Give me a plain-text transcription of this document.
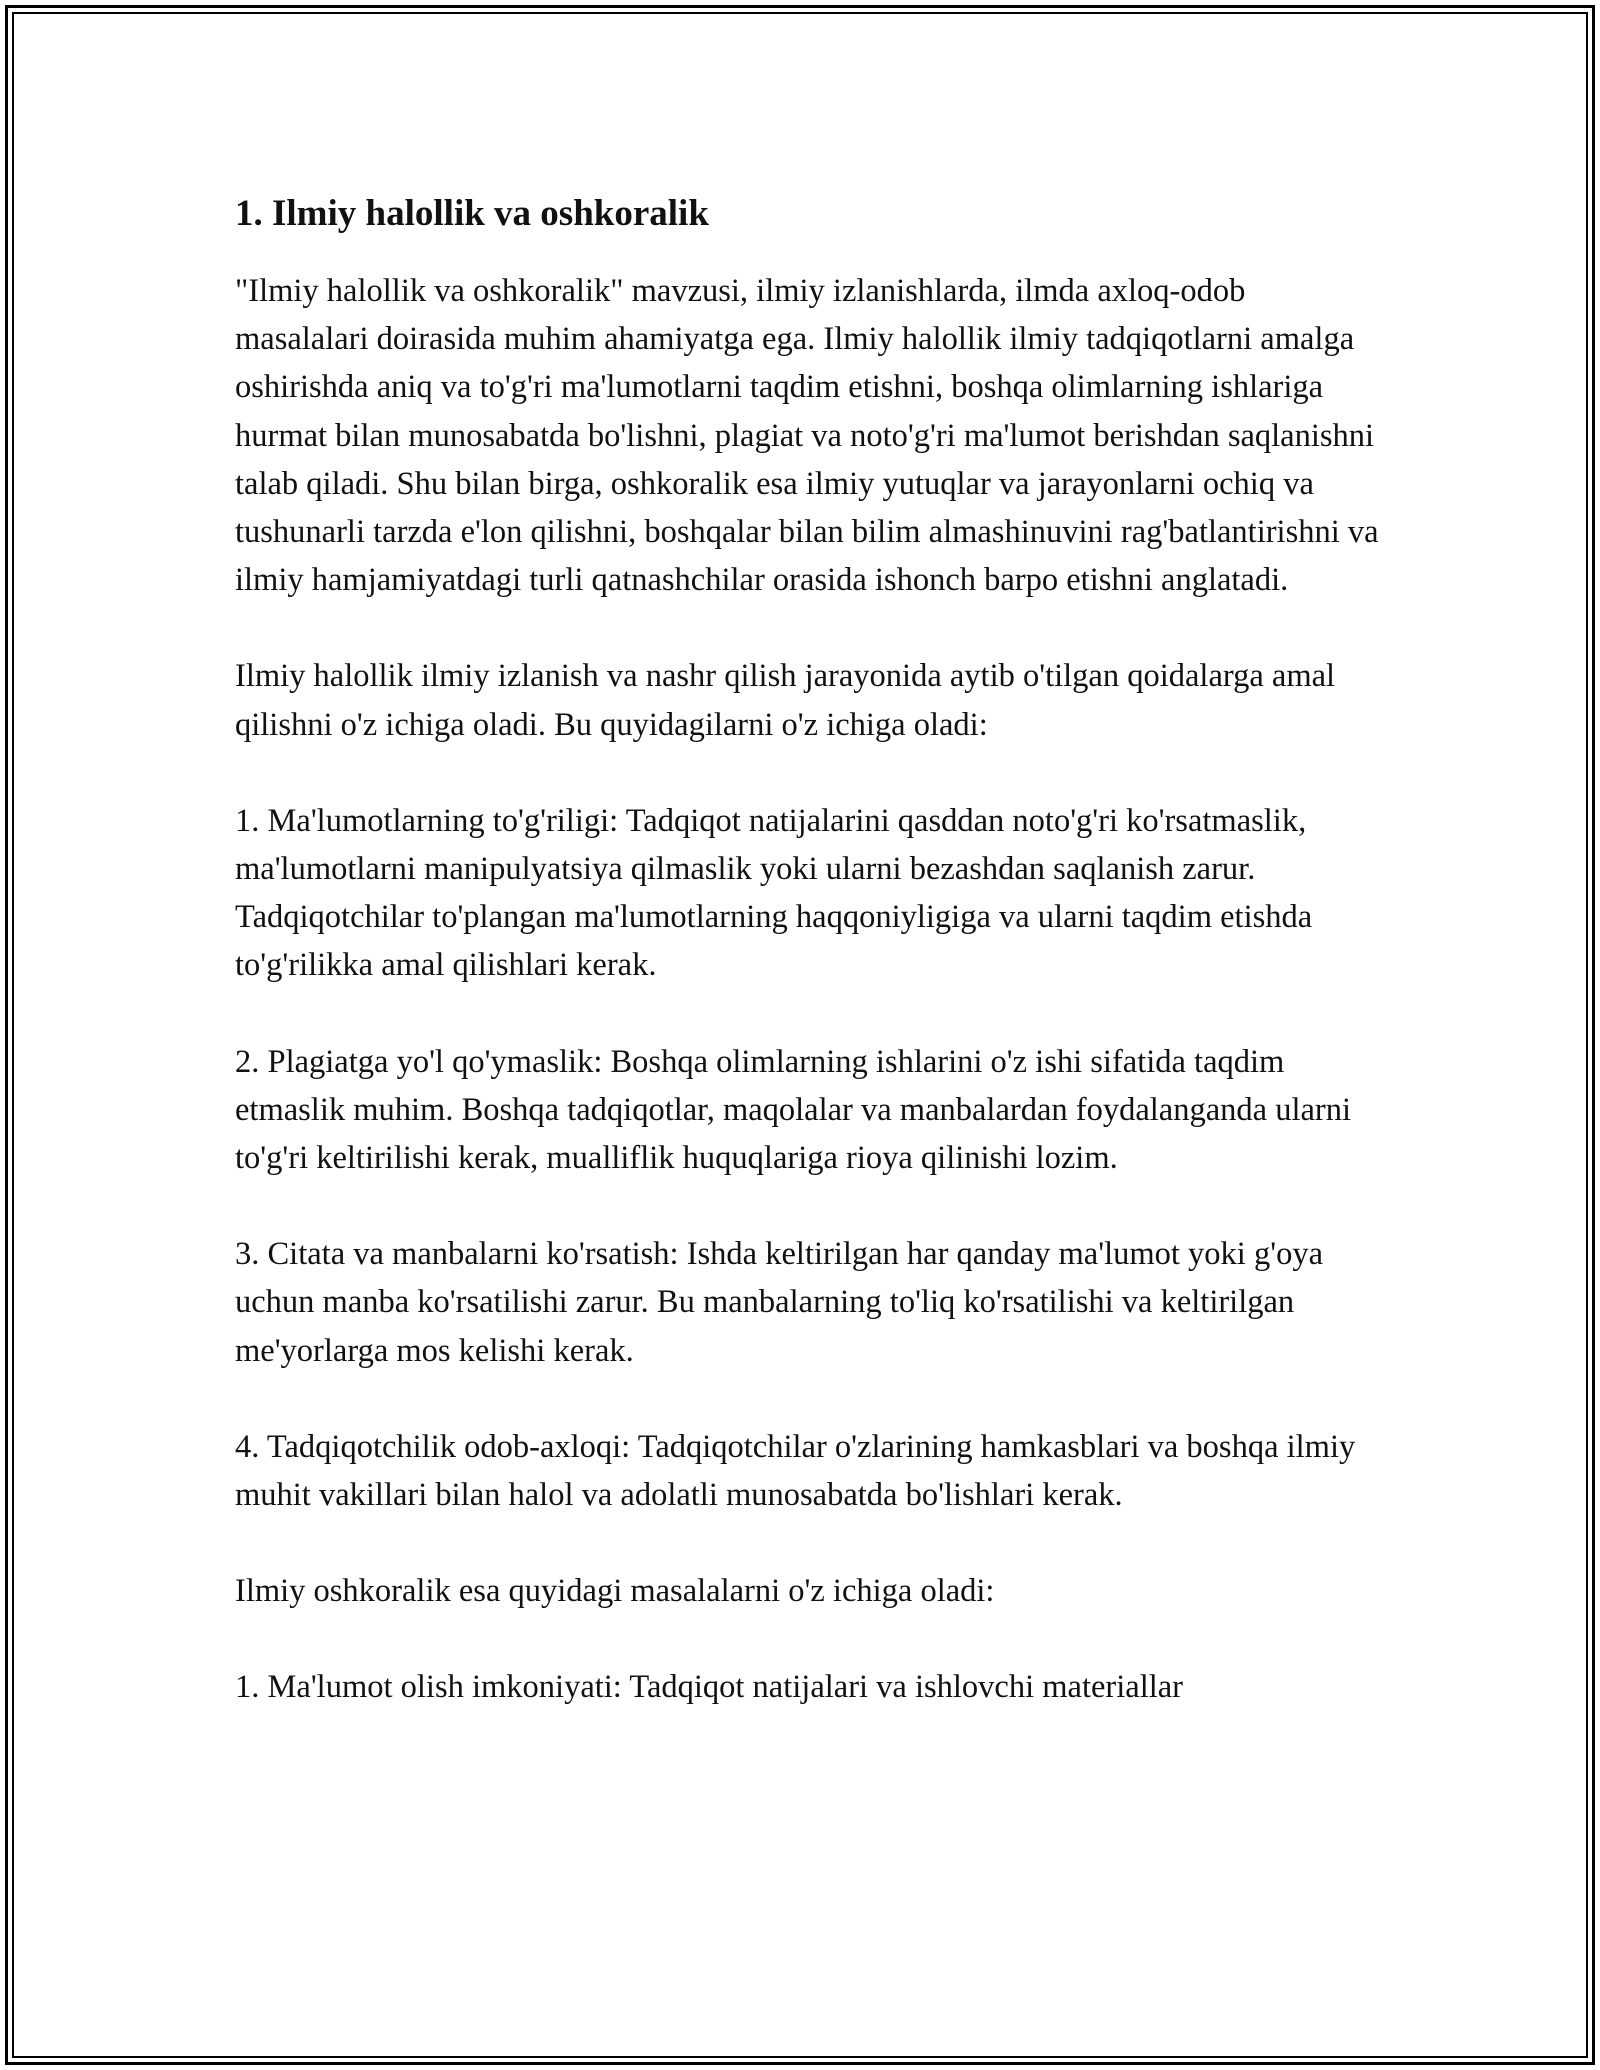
1. Ilmiy halollik va oshkoralik

"Ilmiy halollik va oshkoralik" mavzusi, ilmiy izlanishlarda, ilmda axloq-odob masalalari doirasida muhim ahamiyatga ega. Ilmiy halollik ilmiy tadqiqotlarni amalga oshirishda aniq va to'g'ri ma'lumotlarni taqdim etishni, boshqa olimlarning ishlariga hurmat bilan munosabatda bo'lishni, plagiat va noto'g'ri ma'lumot berishdan saqlanishni talab qiladi. Shu bilan birga, oshkoralik esa ilmiy yutuqlar va jarayonlarni ochiq va tushunarli tarzda e'lon qilishni, boshqalar bilan bilim almashinuvini rag'batlantirishni va ilmiy hamjamiyatdagi turli qatnashchilar orasida ishonch barpo etishni anglatadi.

Ilmiy halollik ilmiy izlanish va nashr qilish jarayonida aytib o'tilgan qoidalarga amal qilishni o'z ichiga oladi. Bu quyidagilarni o'z ichiga oladi:

1. Ma'lumotlarning to'g'riligi: Tadqiqot natijalarini qasddan noto'g'ri ko'rsatmaslik, ma'lumotlarni manipulyatsiya qilmaslik yoki ularni bezashdan saqlanish zarur. Tadqiqotchilar to'plangan ma'lumotlarning haqqoniyligiga va ularni taqdim etishda to'g'rilikka amal qilishlari kerak.

2. Plagiatga yo'l qo'ymaslik: Boshqa olimlarning ishlarini o'z ishi sifatida taqdim etmaslik muhim. Boshqa tadqiqotlar, maqolalar va manbalardan foydalanganda ularni to'g'ri keltirilishi kerak, mualliflik huquqlariga rioya qilinishi lozim.

3. Citata va manbalarni ko'rsatish: Ishda keltirilgan har qanday ma'lumot yoki g'oya uchun manba ko'rsatilishi zarur. Bu manbalarning to'liq ko'rsatilishi va keltirilgan me'yorlarga mos kelishi kerak.

4. Tadqiqotchilik odob-axloqi: Tadqiqotchilar o'zlarining hamkasblari va boshqa ilmiy muhit vakillari bilan halol va adolatli munosabatda bo'lishlari kerak.

Ilmiy oshkoralik esa quyidagi masalalarni o'z ichiga oladi:

1. Ma'lumot olish imkoniyati: Tadqiqot natijalari va ishlovchi materiallar
